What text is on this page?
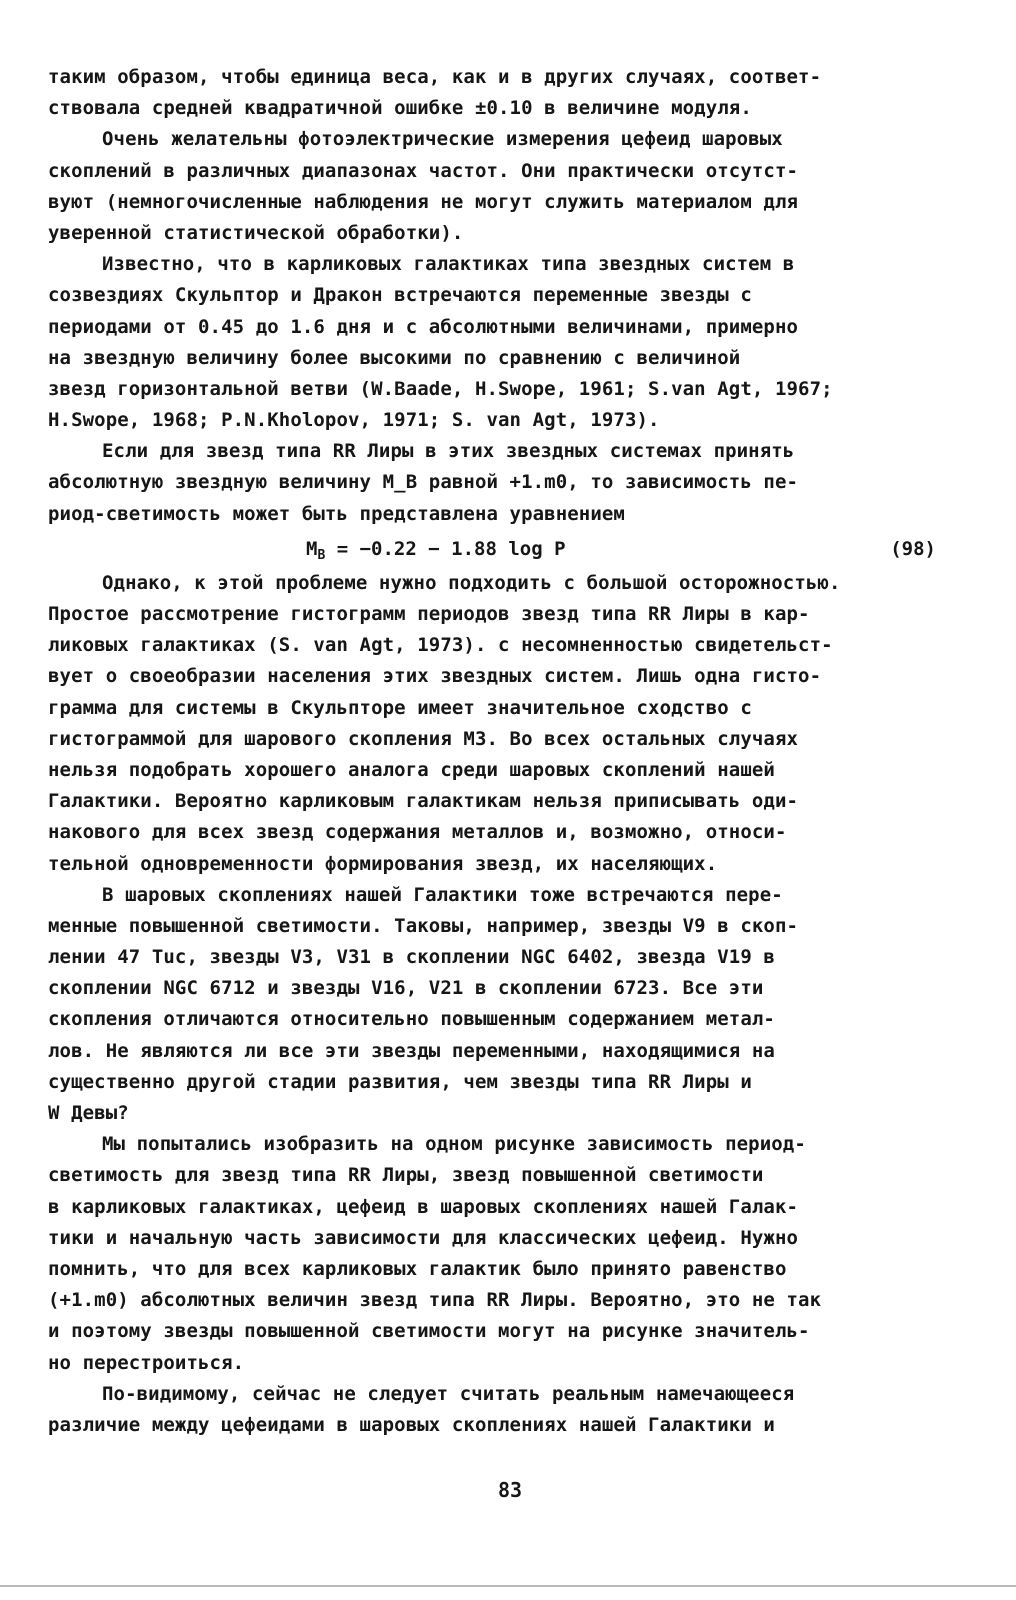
таким образом, чтобы единица веса, как и в других случаях, соответ-
ствовала средней квадратичной ошибке ±0.10 в величине модуля.
Очень желательны фотоэлектрические измерения цефеид шаровых
скоплений в различных диапазонах частот. Они практически отсутст-
вуют (немногочисленные наблюдения не могут служить материалом для
уверенной статистической обработки).
Известно, что в карликовых галактиках типа звездных систем в
созвездиях Скульптор и Дракон встречаются переменные звезды с
периодами от 0.45 до 1.6 дня и с абсолютными величинами, примерно
на звездную величину более высокими по сравнению с величиной
звезд горизонтальной ветви (W.Baade, H.Swope, 1961; S.van Agt, 1967;
H.Swope, 1968; P.N.Kholopov, 1971; S. van Agt, 1973).
Если для звезд типа RR Лиры в этих звездных системах принять
абсолютную звездную величину M_B равной +1.m0, то зависимость пе-
риод-светимость может быть представлена уравнением
$M_B = -0.22 - 1.88$ log P	(98)
Однако, к этой проблеме нужно подходить с большой осторожностью.
Простое рассмотрение гистограмм периодов звезд типа RR Лиры в кар-
ликовых галактиках (S. van Agt, 1973). с несомненностью свидетельст-
вует о своеобразии населения этих звездных систем. Лишь одна гисто-
грамма для системы в Скульпторе имеет значительное сходство с
гистограммой для шарового скопления M3. Во всех остальных случаях
нельзя подобрать хорошего аналога среди шаровых скоплений нашей
Галактики. Вероятно карликовым галактикам нельзя приписывать оди-
накового для всех звезд содержания металлов и, возможно, относи-
тельной одновременности формирования звезд, их населяющих.
В шаровых скоплениях нашей Галактики тоже встречаются пере-
менные повышенной светимости. Таковы, например, звезды V9 в скоп-
лении 47 Tuc, звезды V3, V31 в скоплении NGC 6402, звезда V19 в
скоплении NGC 6712 и звезды V16, V21 в скоплении 6723. Все эти
скопления отличаются относительно повышенным содержанием метал-
лов. Не являются ли все эти звезды переменными, находящимися на
существенно другой стадии развития, чем звезды типа RR Лиры и
W Девы?
Мы попытались изобразить на одном рисунке зависимость период-
светимость для звезд типа RR Лиры, звезд повышенной светимости
в карликовых галактиках, цефеид в шаровых скоплениях нашей Галак-
тики и начальную часть зависимости для классических цефеид. Нужно
помнить, что для всех карликовых галактик было принято равенство
(+1.m0) абсолютных величин звезд типа RR Лиры. Вероятно, это не так
и поэтому звезды повышенной светимости могут на рисунке значитель-
но перестроиться.
По-видимому, сейчас не следует считать реальным намечающееся
различие между цефеидами в шаровых скоплениях нашей Галактики и
83
